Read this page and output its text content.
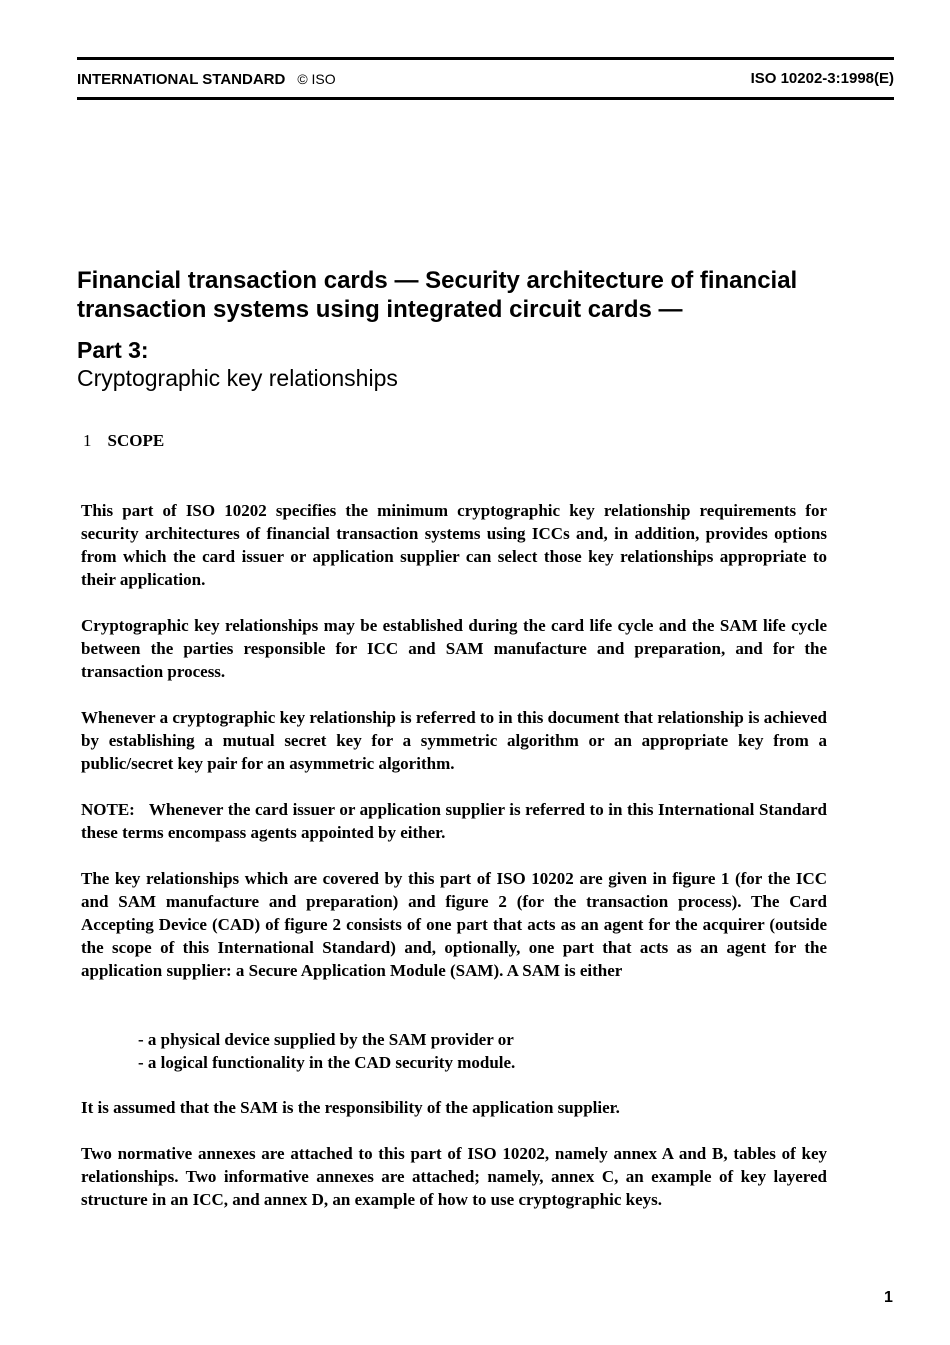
INTERNATIONAL STANDARD © ISO	ISO 10202-3:1998(E)
Financial transaction cards — Security architecture of financial transaction systems using integrated circuit cards —
Part 3:
Cryptographic key relationships
1 SCOPE

This part of ISO 10202 specifies the minimum cryptographic key relationship requirements for security architectures of financial transaction systems using ICCs and, in addition, provides options from which the card issuer or application supplier can select those key relationships appropriate to their application.

Cryptographic key relationships may be established during the card life cycle and the SAM life cycle between the parties responsible for ICC and SAM manufacture and preparation, and for the transaction process.

Whenever a cryptographic key relationship is referred to in this document that relationship is achieved by establishing a mutual secret key for a symmetric algorithm or an appropriate key from a public/secret key pair for an asymmetric algorithm.

NOTE: Whenever the card issuer or application supplier is referred to in this International Standard these terms encompass agents appointed by either.

The key relationships which are covered by this part of ISO 10202 are given in figure 1 (for the ICC and SAM manufacture and preparation) and figure 2 (for the transaction process). The Card Accepting Device (CAD) of figure 2 consists of one part that acts as an agent for the acquirer (outside the scope of this International Standard) and, optionally, one part that acts as an agent for the application supplier: a Secure Application Module (SAM). A SAM is either

- a physical device supplied by the SAM provider or

- a logical functionality in the CAD security module.

It is assumed that the SAM is the responsibility of the application supplier.

Two normative annexes are attached to this part of ISO 10202, namely annex A and B, tables of key relationships. Two informative annexes are attached; namely, annex C, an example of key layered structure in an ICC, and annex D, an example of how to use cryptographic keys.

1
